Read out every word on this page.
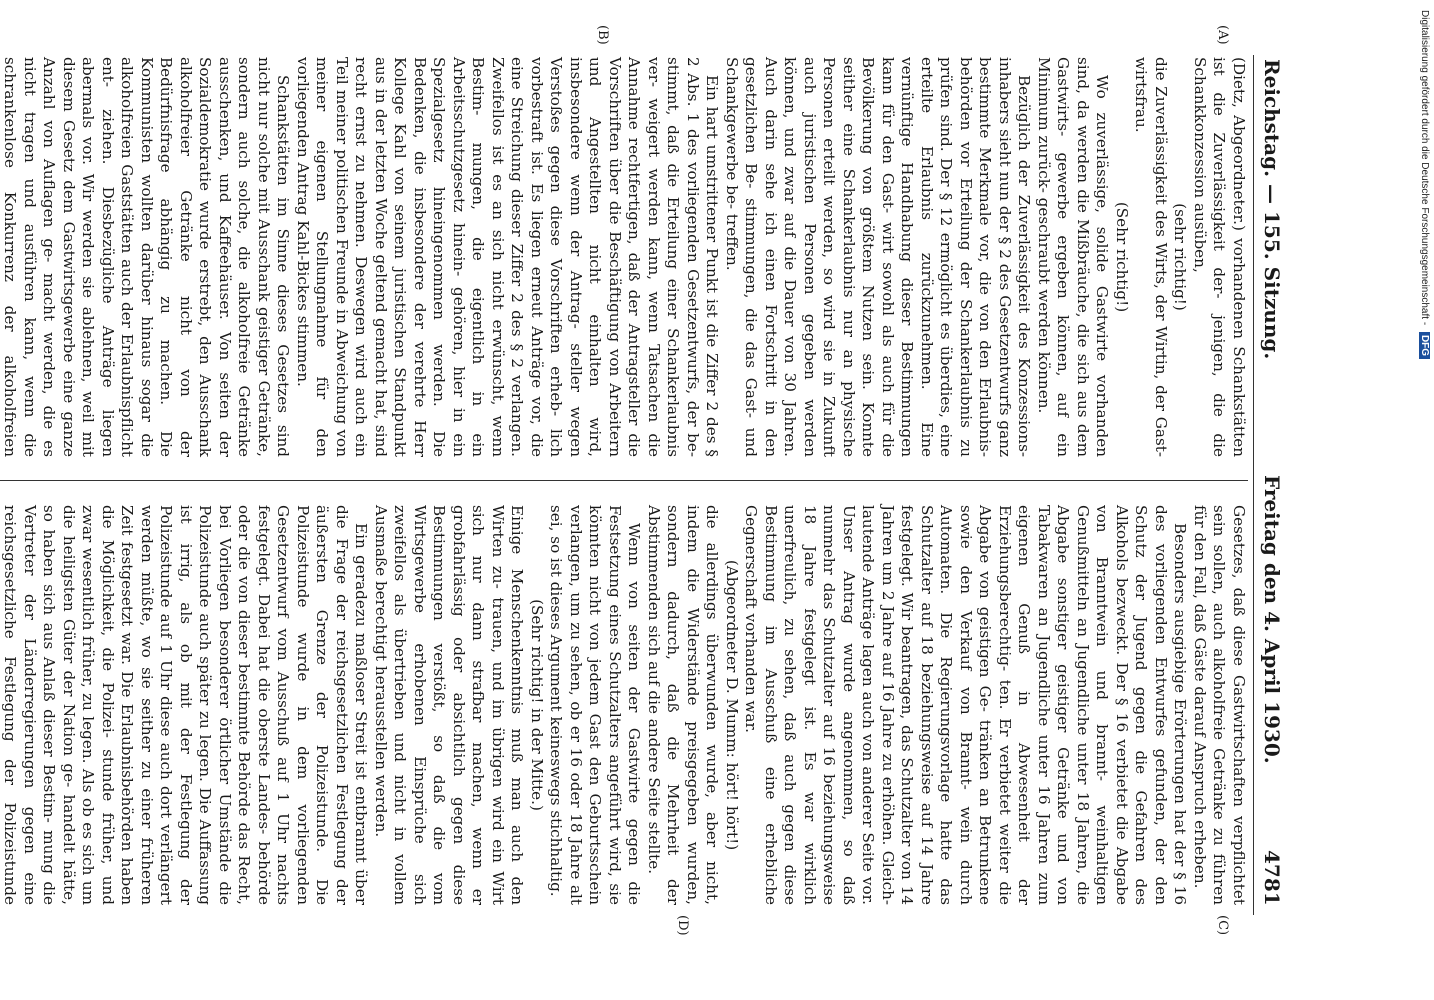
Reichstag. — 155. Sitzung.
Freitag den 4. April 1930.
4781
(A)
(B)
(C)
(D)

(Dietz, Abgeordneter.) vorhandenen Schankstätten ist die Zuverlässigkeit der- jenigen, die die Schankkonzession ausüben,

(sehr richtig!)

die Zuverlässigkeit des Wirts, der Wirtin, der Gast- wirtsfrau.

(Sehr richtig!)

Wo zuverlässige, solide Gastwirte vorhanden sind, da werden die Mißbräuche, die sich aus dem Gastwirts- gewerbe ergeben können, auf ein Minimum zurück- geschraubt werden können.

Bezüglich der Zuverlässigkeit des Konzessions- inhabers sieht nun der § 2 des Gesetzentwurfs ganz bestimmte Merkmale vor, die von den Erlaubnis- behörden vor Erteilung der Schankerlaubnis zu prüfen sind. Der § 12 ermöglicht es überdies, eine erteilte Erlaubnis zurückzunehmen. Eine vernünftige Handhabung dieser Bestimmungen kann für den Gast- wirt sowohl als auch für die Bevölkerung von größtem Nutzen sein. Konnte seither eine Schankerlaubnis nur an physische Personen erteilt werden, so wird sie in Zukunft auch juristischen Personen gegeben werden können, und zwar auf die Dauer von 30 Jahren. Auch darin sehe ich einen Fortschritt in den gesetzlichen Be- stimmungen, die das Gast- und Schankgewerbe be- treffen.

Ein hart umstrittener Punkt ist die Ziffer 2 des § 2 Abs. 1 des vorliegenden Gesetzentwurfs, der be- stimmt, daß die Erteilung einer Schankerlaubnis ver- weigert werden kann, wenn Tatsachen die Annahme rechtfertigen, daß der Antragsteller die Vorschriften über die Beschäftigung von Arbeitern und Angestellten nicht einhalten wird, insbesondere wenn der Antrag- steller wegen Verstoßes gegen diese Vorschriften erheb- lich vorbestraft ist. Es liegen erneut Anträge vor, die eine Streichung dieser Ziffer 2 des § 2 verlangen. Zweifellos ist es an sich nicht erwünscht, wenn Bestim- mungen, die eigentlich in ein Arbeitsschutzgesetz hinein- gehören, hier in ein Spezialgesetz hineingenommen werden. Die Bedenken, die insbesondere der verehrte Herr Kollege Kahl von seinem juristischen Standpunkt aus in der letzten Woche geltend gemacht hat, sind recht ernst zu nehmen. Deswegen wird auch ein Teil meiner politischen Freunde in Abweichung von meiner eigenen Stellungnahme für den vorliegenden Antrag Kahl-Bickes stimmen.

Schankstätten im Sinne dieses Gesetzes sind nicht nur solche mit Ausschank geistiger Getränke, sondern auch solche, die alkoholfreie Getränke ausschenken, und Kaffeehäuser. Von seiten der Sozialdemokratie wurde erstrebt, den Ausschank alkoholfreier Getränke nicht von der Bedürfnisfrage abhängig zu machen. Die Kommunisten wollten darüber hinaus sogar die alkoholfreien Gaststätten auch der Erlaubnispflicht ent- ziehen. Diesbezügliche Anträge liegen abermals vor. Wir werden sie ablehnen, weil mit diesem Gesetz dem Gastwirtsgewerbe eine ganze Anzahl von Auflagen ge- macht werden, die es nicht tragen und ausführen kann, wenn die schrankenlose Konkurrenz der alkoholfreien

Gesetzes, daß diese Gastwirtschaften verpflichtet sein sollen, auch alkoholfreie Getränke zu führen für den Fall, daß Gäste darauf Anspruch erheben.

Besonders ausgiebige Erörterungen hat der § 16 des vorliegenden Entwurfes gefunden, der den Schutz der Jugend gegen die Gefahren des Alkohols bezweckt. Der § 16 verbietet die Abgabe von Branntwein und brannt- weinhaltigen Genußmitteln an Jugendliche unter 18 Jahren, die Abgabe sonstiger geistiger Getränke und von Tabakwaren an Jugendliche unter 16 Jahren zum eigenen Genuß in Abwesenheit der Erziehungsberechtig- ten. Er verbietet weiter die Abgabe von geistigen Ge- tränken an Betrunkene sowie den Verkauf von Brannt- wein durch Automaten. Die Regierungsvorlage hatte das Schutzalter auf 18 beziehungsweise auf 14 Jahre festgelegt. Wir beantragen, das Schutzalter von 14 Jahren um 2 Jahre auf 16 Jahre zu erhöhen. Gleich- lautende Anträge lagen auch von anderer Seite vor. Unser Antrag wurde angenommen, so daß nunmehr das Schutzalter auf 16 beziehungsweise 18 Jahre festgelegt ist. Es war wirklich unerfreulich, zu sehen, daß auch gegen diese Bestimmung im Ausschuß eine erhebliche Gegnerschaft vorhanden war.

(Abgeordneter D. Mumm: hört! hört!)

die allerdings überwunden wurde, aber nicht, indem die Widerstände preisgegeben wurden, sondern dadurch, daß die Mehrheit der Abstimmenden sich auf die andere Seite stellte.

Wenn von seiten der Gastwirte gegen die Festsetzung eines Schutzalters angeführt wird, sie könnten nicht von jedem Gast den Geburtsschein verlangen, um zu sehen, ob er 16 oder 18 Jahre alt sei, so ist dieses Argument keineswegs stichhaltig.

(Sehr richtig! in der Mitte.)

Einige Menschenkenntnis muß man auch den Wirten zu- trauen, und im übrigen wird ein Wirt sich nur dann strafbar machen, wenn er grobfahrlässig oder absichtlich gegen diese Bestimmungen verstößt, so daß die vom Wirtsgewerbe erhobenen Einsprüche sich zweifellos als übertrieben und nicht in vollem Ausmaße berechtigt herausstellen werden.

Ein geradezu maßloser Streit ist entbrannt über die Frage der reichsgesetzlichen Festlegung der äußersten Grenze der Polizeistunde. Die Polizeistunde wurde in dem vorliegenden Gesetzentwurf vom Ausschuß auf 1 Uhr nachts festgelegt. Dabei hat die oberste Landes- behörde oder die von dieser bestimmte Behörde das Recht, bei Vorliegen besonderer örtlicher Umstände die Polizeistunde auch später zu legen. Die Auffassung ist irrig, als ob mit der Festlegung der Polizeistunde auf 1 Uhr diese auch dort verlängert werden müßte, wo sie seither zu einer früheren Zeit festgesetzt war. Die Erlaubnisbehörden haben die Möglichkeit, die Polizei- stunde früher, und zwar wesentlich früher, zu legen. Als ob es sich um die heiligsten Güter der Nation ge- handelt hätte, so haben sich aus Anlaß dieser Bestim- mung die Vertreter der Länderregierungen gegen eine reichsgesetzliche Festlegung der Polizeistunde

Digitalisierung gefördert durch die Deutsche Forschungsgemeinschaft - DFG
